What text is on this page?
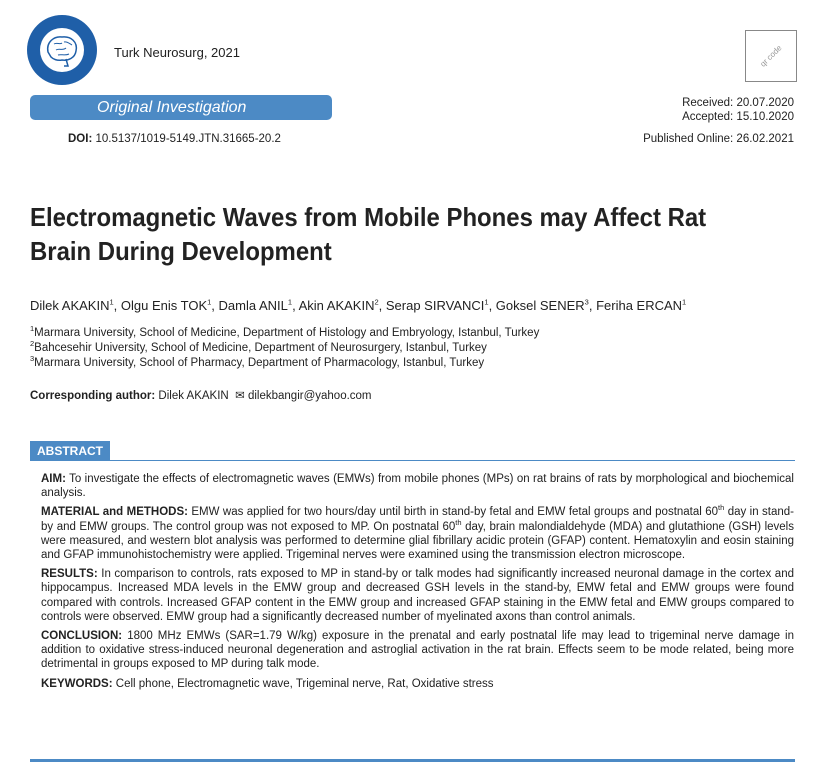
Turk Neurosurg, 2021	qr code
Original Investigation	Received: 20.07.2020
Accepted: 15.10.2020
Published Online: 26.02.2021
DOI: 10.5137/1019-5149.JTN.31665-20.2
Electromagnetic Waves from Mobile Phones may Affect Rat
Brain During Development
Dilek AKAKIN$^1$, Olgu Enis TOK$^1$, Damla ANIL$^1$, Akin AKAKIN$^2$, Serap SIRVANCI$^1$, Goksel SENER$^3$, Feriha ERCAN$^1$
$^1$Marmara University, School of Medicine, Department of Histology and Embryology, Istanbul, Turkey
$^2$Bahcesehir University, School of Medicine, Department of Neurosurgery, Istanbul, Turkey
$^3$Marmara University, School of Pharmacy, Department of Pharmacology, Istanbul, Turkey
Corresponding author: Dilek AKAKIN ✉ dilekbangir@yahoo.com
ABSTRACT

AIM: To investigate the effects of electromagnetic waves (EMWs) from mobile phones (MPs) on rat brains of rats by morphological and biochemical analysis.

MATERIAL and METHODS: EMW was applied for two hours/day until birth in stand-by fetal and EMW fetal groups and postnatal 60th day in stand-by and EMW groups. The control group was not exposed to MP. On postnatal 60th day, brain malondialdehyde (MDA) and glutathione (GSH) levels were measured, and western blot analysis was performed to determine glial fibrillary acidic protein (GFAP) content. Hematoxylin and eosin staining and GFAP immunohistochemistry were applied. Trigeminal nerves were examined using the transmission electron microscope.

RESULTS: In comparison to controls, rats exposed to MP in stand-by or talk modes had significantly increased neuronal damage in the cortex and hippocampus. Increased MDA levels in the EMW group and decreased GSH levels in the stand-by, EMW fetal and EMW groups were found compared with controls. Increased GFAP content in the EMW group and increased GFAP staining in the EMW fetal and EMW groups compared to controls were observed. EMW group had a significantly decreased number of myelinated axons than control animals.

CONCLUSION: 1800 MHz EMWs (SAR=1.79 W/kg) exposure in the prenatal and early postnatal life may lead to trigeminal nerve damage in addition to oxidative stress-induced neuronal degeneration and astroglial activation in the rat brain. Effects seem to be mode related, being more detrimental in groups exposed to MP during talk mode.

KEYWORDS: Cell phone, Electromagnetic wave, Trigeminal nerve, Rat, Oxidative stress
